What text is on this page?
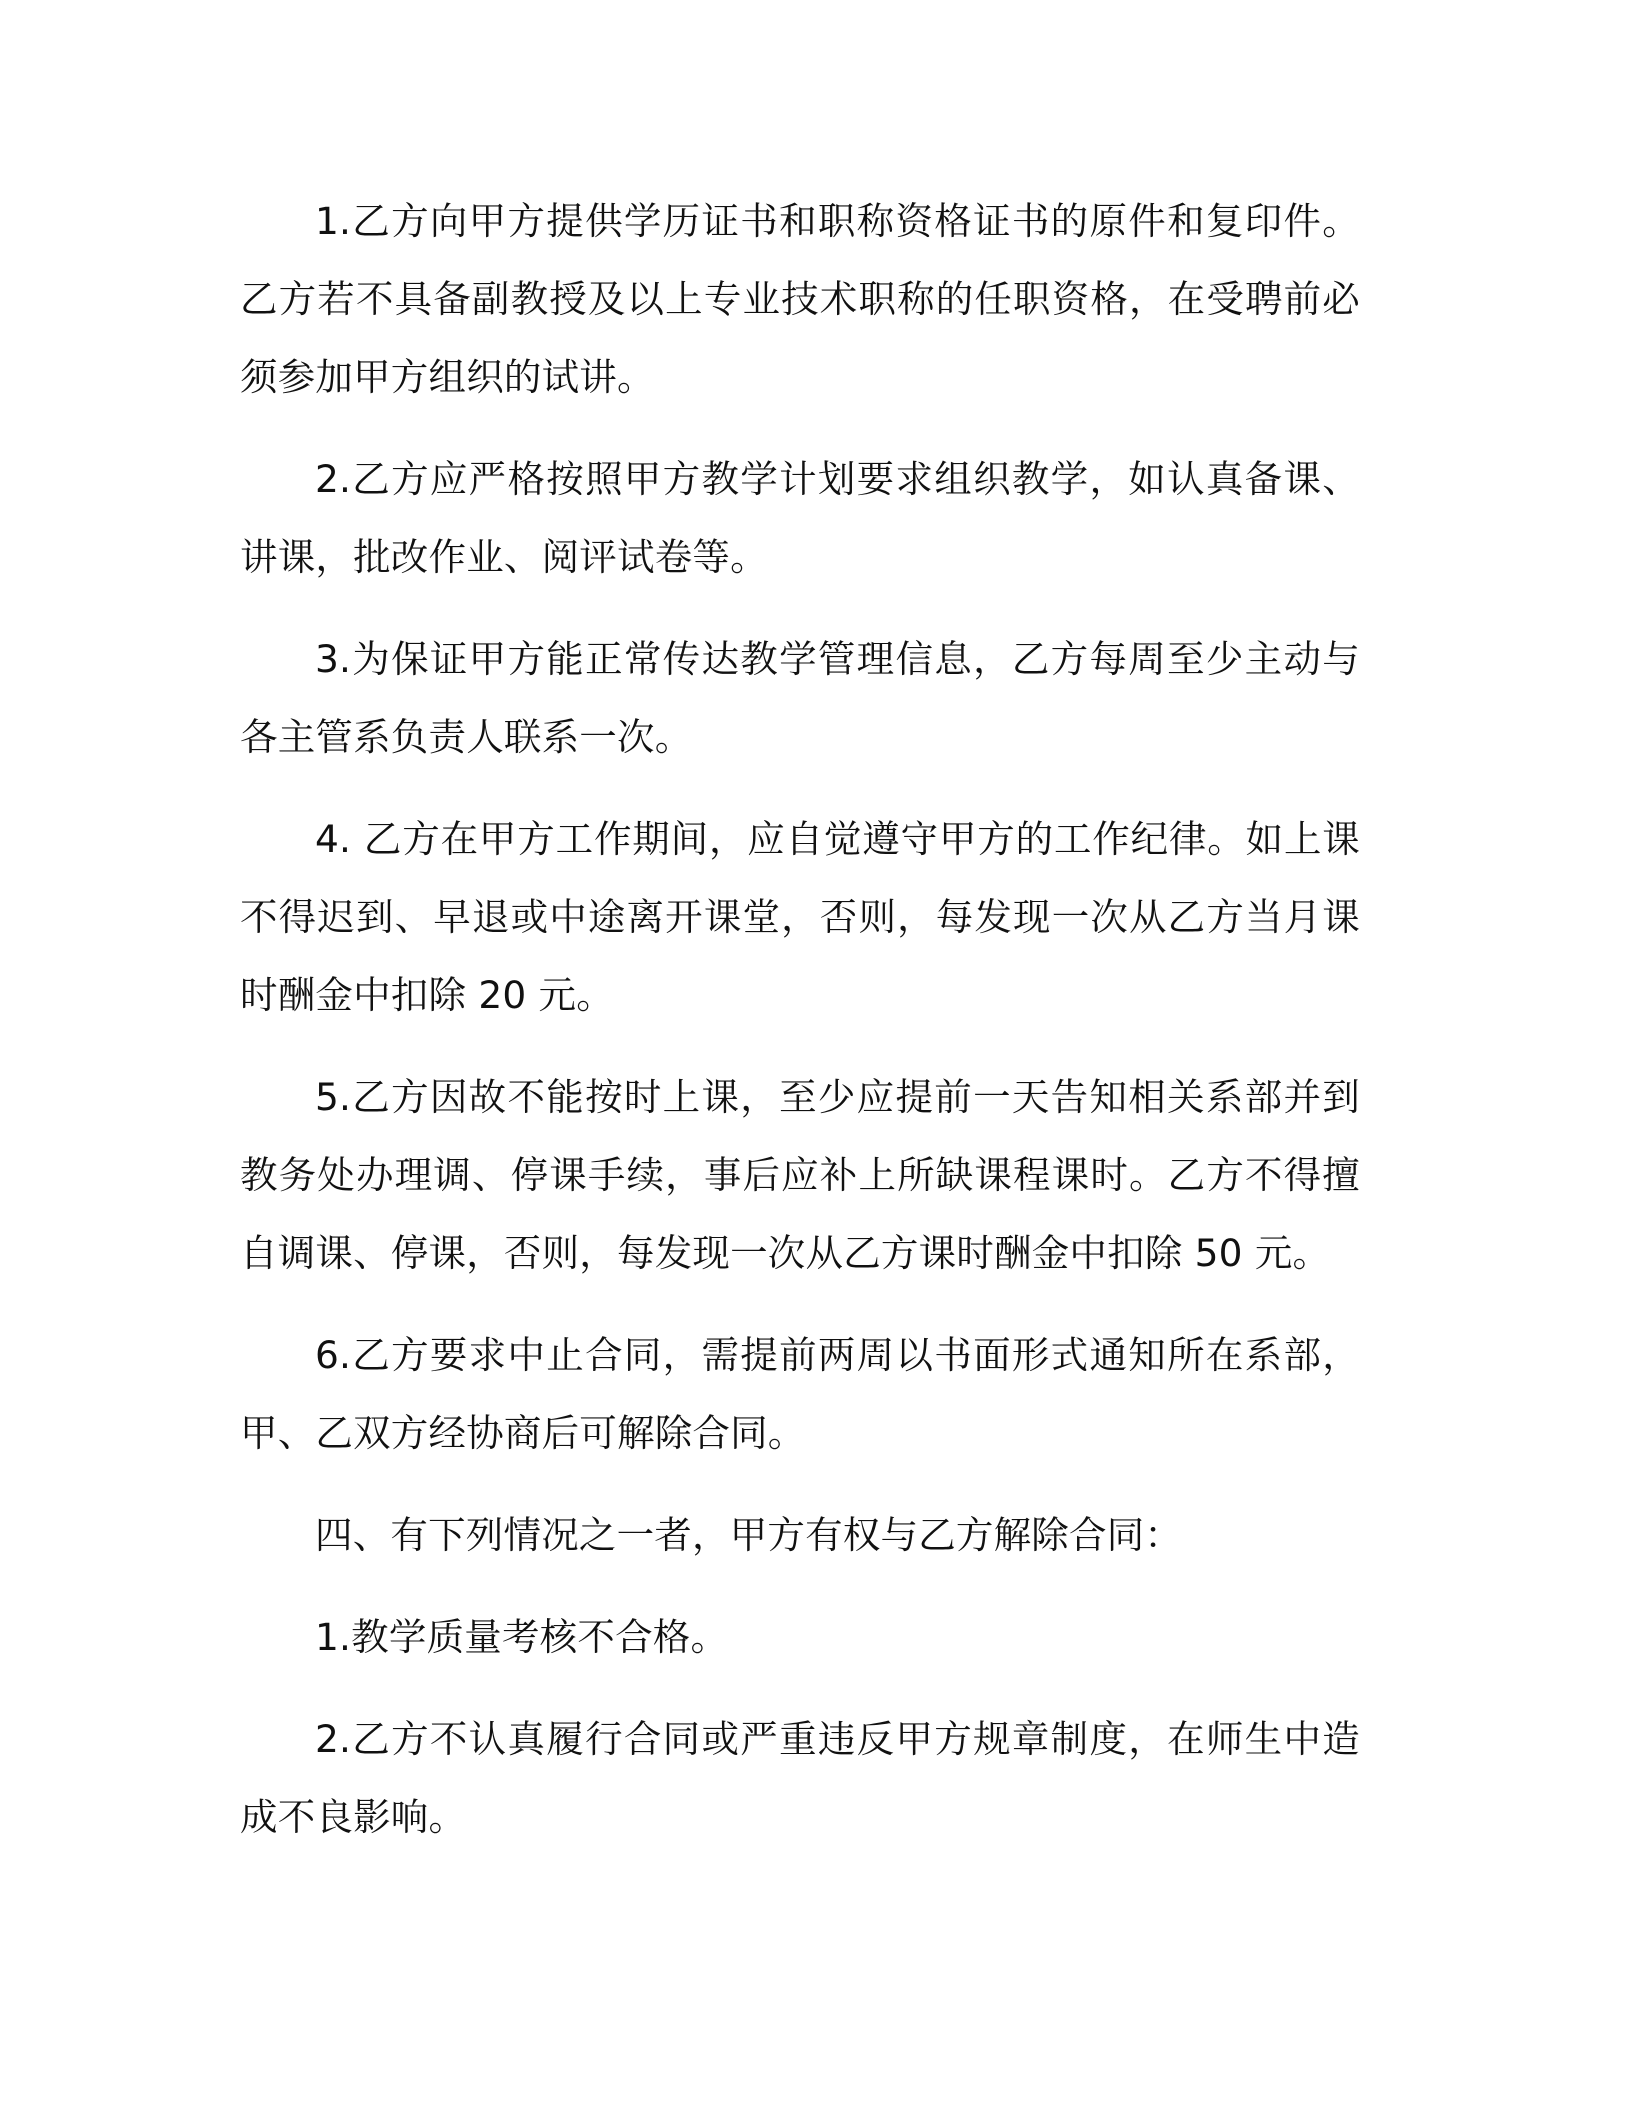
1.乙方向甲方提供学历证书和职称资格证书的原件和复印件。乙方若不具备副教授及以上专业技术职称的任职资格，在受聘前必须参加甲方组织的试讲。

2.乙方应严格按照甲方教学计划要求组织教学，如认真备课、讲课，批改作业、阅评试卷等。

3.为保证甲方能正常传达教学管理信息，乙方每周至少主动与各主管系负责人联系一次。

4. 乙方在甲方工作期间，应自觉遵守甲方的工作纪律。如上课不得迟到、早退或中途离开课堂，否则，每发现一次从乙方当月课时酬金中扣除 20 元。

5.乙方因故不能按时上课，至少应提前一天告知相关系部并到教务处办理调、停课手续，事后应补上所缺课程课时。乙方不得擅自调课、停课，否则，每发现一次从乙方课时酬金中扣除 50 元。

6.乙方要求中止合同，需提前两周以书面形式通知所在系部，甲、乙双方经协商后可解除合同。

四、有下列情况之一者，甲方有权与乙方解除合同：

1.教学质量考核不合格。

2.乙方不认真履行合同或严重违反甲方规章制度，在师生中造成不良影响。
